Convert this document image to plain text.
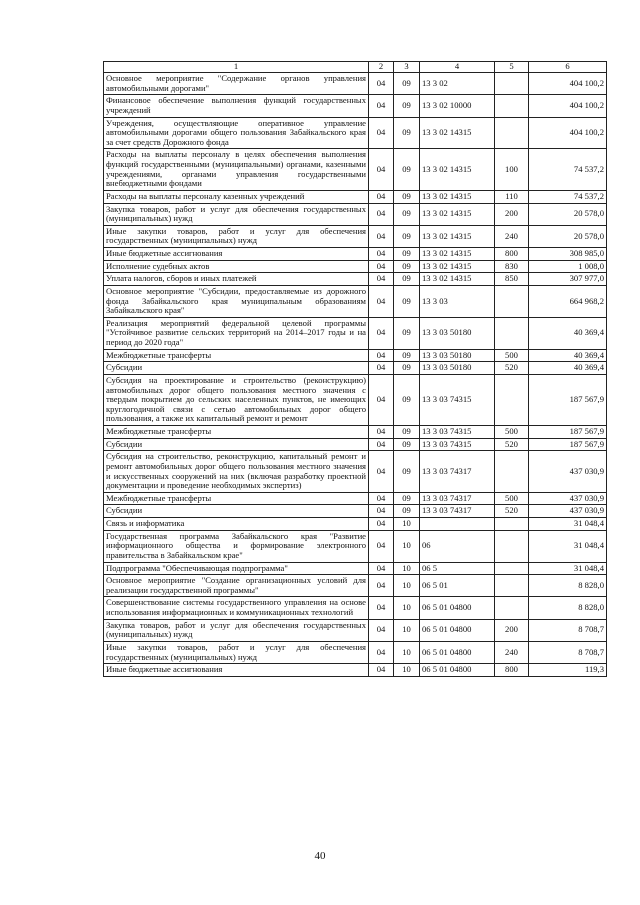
1	2	3	4	5	6
Основное мероприятие "Содержание органов управления автомобильными дорогами"	04	09	13 3 02		404 100,2
Финансовое обеспечение выполнения функций государственных учреждений	04	09	13 3 02 10000		404 100,2
Учреждения, осуществляющие оперативное управление автомобильными дорогами общего пользования Забайкальского края за счет средств Дорожного фонда	04	09	13 3 02 14315		404 100,2
Расходы на выплаты персоналу в целях обеспечения выполнения функций государственными (муниципальными) органами, казенными учреждениями, органами управления государственными внебюджетными фондами	04	09	13 3 02 14315	100	74 537,2
Расходы на выплаты персоналу казенных учреждений	04	09	13 3 02 14315	110	74 537,2
Закупка товаров, работ и услуг для обеспечения государственных (муниципальных) нужд	04	09	13 3 02 14315	200	20 578,0
Иные закупки товаров, работ и услуг для обеспечения государственных (муниципальных) нужд	04	09	13 3 02 14315	240	20 578,0
Иные бюджетные ассигнования	04	09	13 3 02 14315	800	308 985,0
Исполнение судебных актов	04	09	13 3 02 14315	830	1 008,0
Уплата налогов, сборов и иных платежей	04	09	13 3 02 14315	850	307 977,0
Основное мероприятие "Субсидии, предоставляемые из дорожного фонда Забайкальского края муниципальным образованиям Забайкальского края"	04	09	13 3 03		664 968,2
Реализация мероприятий федеральной целевой программы "Устойчивое развитие сельских территорий на 2014–2017 годы и на период до 2020 года"	04	09	13 3 03 50180		40 369,4
Межбюджетные трансферты	04	09	13 3 03 50180	500	40 369,4
Субсидии	04	09	13 3 03 50180	520	40 369,4
Субсидия на проектирование и строительство (реконструкцию) автомобильных дорог общего пользования местного значения с твердым покрытием до сельских населенных пунктов, не имеющих круглогодичной связи с сетью автомобильных дорог общего пользования, а также их капитальный ремонт и ремонт	04	09	13 3 03 74315		187 567,9
Межбюджетные трансферты	04	09	13 3 03 74315	500	187 567,9
Субсидии	04	09	13 3 03 74315	520	187 567,9
Субсидия на строительство, реконструкцию, капитальный ремонт и ремонт автомобильных дорог общего пользования местного значения и искусственных сооружений на них (включая разработку проектной документации и проведение необходимых экспертиз)	04	09	13 3 03 74317		437 030,9
Межбюджетные трансферты	04	09	13 3 03 74317	500	437 030,9
Субсидии	04	09	13 3 03 74317	520	437 030,9
Связь и информатика	04	10			31 048,4
Государственная программа Забайкальского края "Развитие информационного общества и формирование электронного правительства в Забайкальском крае"	04	10	06		31 048,4
Подпрограмма "Обеспечивающая подпрограмма"	04	10	06 5		31 048,4
Основное мероприятие "Создание организационных условий для реализации государственной программы"	04	10	06 5 01		8 828,0
Совершенствование системы государственного управления на основе использования информационных и коммуникационных технологий	04	10	06 5 01 04800		8 828,0
Закупка товаров, работ и услуг для обеспечения государственных (муниципальных) нужд	04	10	06 5 01 04800	200	8 708,7
Иные закупки товаров, работ и услуг для обеспечения государственных (муниципальных) нужд	04	10	06 5 01 04800	240	8 708,7
Иные бюджетные ассигнования	04	10	06 5 01 04800	800	119,3
40
